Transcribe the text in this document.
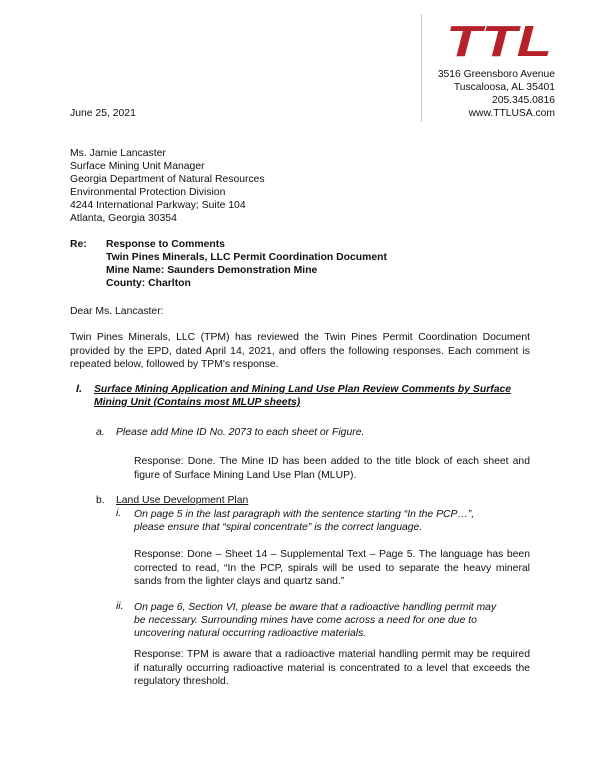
TTL
3516 Greensboro Avenue
Tuscaloosa, AL 35401
205.345.0816
www.TTLUSA.com
June 25, 2021
Ms. Jamie Lancaster
Surface Mining Unit Manager
Georgia Department of Natural Resources
Environmental Protection Division
4244 International Parkway; Suite 104
Atlanta, Georgia 30354
Re: Response to Comments
Twin Pines Minerals, LLC Permit Coordination Document
Mine Name: Saunders Demonstration Mine
County: Charlton
Dear Ms. Lancaster:
Twin Pines Minerals, LLC (TPM) has reviewed the Twin Pines Permit Coordination Document provided by the EPD, dated April 14, 2021, and offers the following responses. Each comment is repeated below, followed by TPM's response.
I. Surface Mining Application and Mining Land Use Plan Review Comments by Surface
Mining Unit (Contains most MLUP sheets)
a. Please add Mine ID No. 2073 to each sheet or Figure.
Response: Done. The Mine ID has been added to the title block of each sheet and figure of Surface Mining Land Use Plan (MLUP).
b. Land Use Development Plan
i. On page 5 in the last paragraph with the sentence starting “In the PCP…”,
please ensure that “spiral concentrate” is the correct language.
Response: Done – Sheet 14 – Supplemental Text – Page 5. The language has been corrected to read, “In the PCP, spirals will be used to separate the heavy mineral sands from the lighter clays and quartz sand.”
ii. On page 6, Section VI, please be aware that a radioactive handling permit may
be necessary. Surrounding mines have come across a need for one due to
uncovering natural occurring radioactive materials.
Response: TPM is aware that a radioactive material handling permit may be required if naturally occurring radioactive material is concentrated to a level that exceeds the regulatory threshold.
